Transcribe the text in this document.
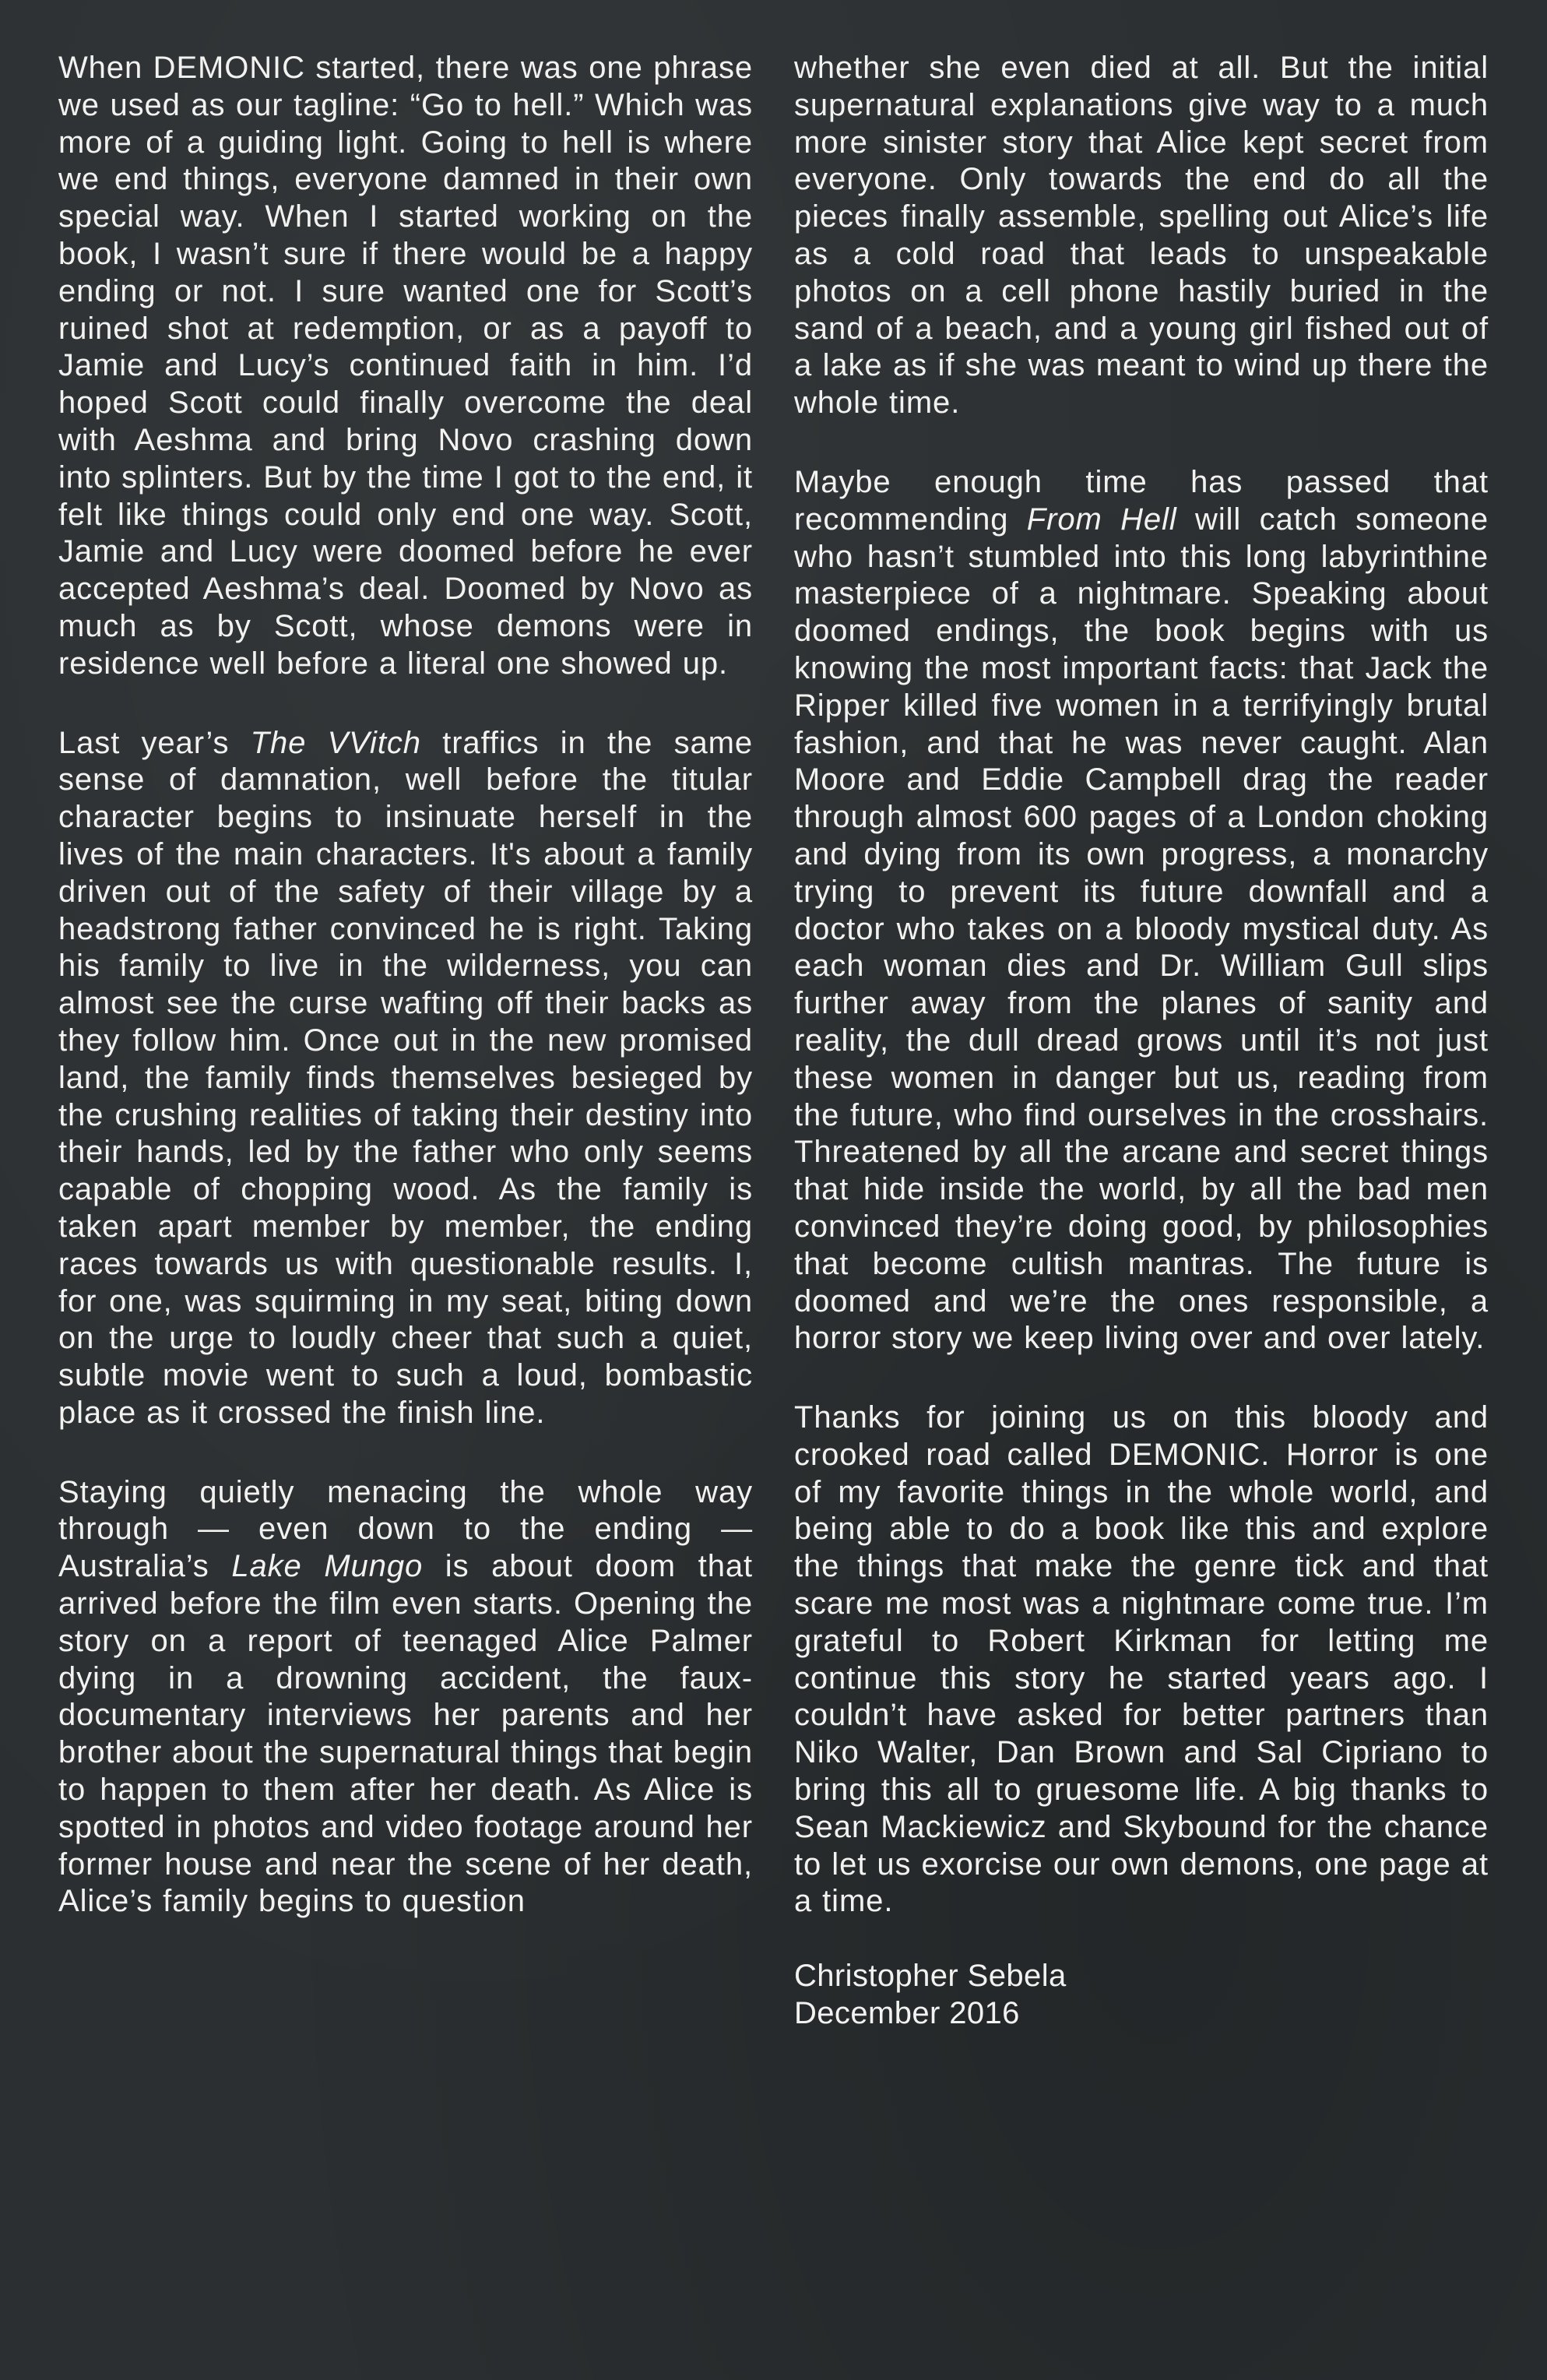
When DEMONIC started, there was one phrase we used as our tagline: “Go to hell.” Which was more of a guiding light. Going to hell is where we end things, everyone damned in their own special way. When I started working on the book, I wasn’t sure if there would be a happy ending or not. I sure wanted one for Scott’s ruined shot at redemption, or as a payoff to Jamie and Lucy’s continued faith in him. I’d hoped Scott could finally overcome the deal with Aeshma and bring Novo crashing down into splinters. But by the time I got to the end, it felt like things could only end one way. Scott, Jamie and Lucy were doomed before he ever accepted Aeshma’s deal. Doomed by Novo as much as by Scott, whose demons were in residence well before a literal one showed up.

Last year’s The VVitch traffics in the same sense of damnation, well before the titular character begins to insinuate herself in the lives of the main characters. It's about a family driven out of the safety of their village by a headstrong father convinced he is right. Taking his family to live in the wilderness, you can almost see the curse wafting off their backs as they follow him. Once out in the new promised land, the family finds themselves besieged by the crushing realities of taking their destiny into their hands, led by the father who only seems capable of chopping wood. As the family is taken apart member by member, the ending races towards us with questionable results. I, for one, was squirming in my seat, biting down on the urge to loudly cheer that such a quiet, subtle movie went to such a loud, bombastic place as it crossed the finish line.

Staying quietly menacing the whole way through — even down to the ending — Australia’s Lake Mungo is about doom that arrived before the film even starts. Opening the story on a report of teenaged Alice Palmer dying in a drowning accident, the faux-documentary interviews her parents and her brother about the supernatural things that begin to happen to them after her death. As Alice is spotted in photos and video footage around her former house and near the scene of her death, Alice’s family begins to question

whether she even died at all. But the initial supernatural explanations give way to a much more sinister story that Alice kept secret from everyone. Only towards the end do all the pieces finally assemble, spelling out Alice’s life as a cold road that leads to unspeakable photos on a cell phone hastily buried in the sand of a beach, and a young girl fished out of a lake as if she was meant to wind up there the whole time.

Maybe enough time has passed that recommending From Hell will catch someone who hasn’t stumbled into this long labyrinthine masterpiece of a nightmare. Speaking about doomed endings, the book begins with us knowing the most important facts: that Jack the Ripper killed five women in a terrifyingly brutal fashion, and that he was never caught. Alan Moore and Eddie Campbell drag the reader through almost 600 pages of a London choking and dying from its own progress, a monarchy trying to prevent its future downfall and a doctor who takes on a bloody mystical duty. As each woman dies and Dr. William Gull slips further away from the planes of sanity and reality, the dull dread grows until it’s not just these women in danger but us, reading from the future, who find ourselves in the crosshairs. Threatened by all the arcane and secret things that hide inside the world, by all the bad men convinced they’re doing good, by philosophies that become cultish mantras. The future is doomed and we’re the ones responsible, a horror story we keep living over and over lately.

Thanks for joining us on this bloody and crooked road called DEMONIC. Horror is one of my favorite things in the whole world, and being able to do a book like this and explore the things that make the genre tick and that scare me most was a nightmare come true. I’m grateful to Robert Kirkman for letting me continue this story he started years ago. I couldn’t have asked for better partners than Niko Walter, Dan Brown and Sal Cipriano to bring this all to gruesome life. A big thanks to Sean Mackiewicz and Skybound for the chance to let us exorcise our own demons, one page at a time.

Christopher Sebela
December 2016
